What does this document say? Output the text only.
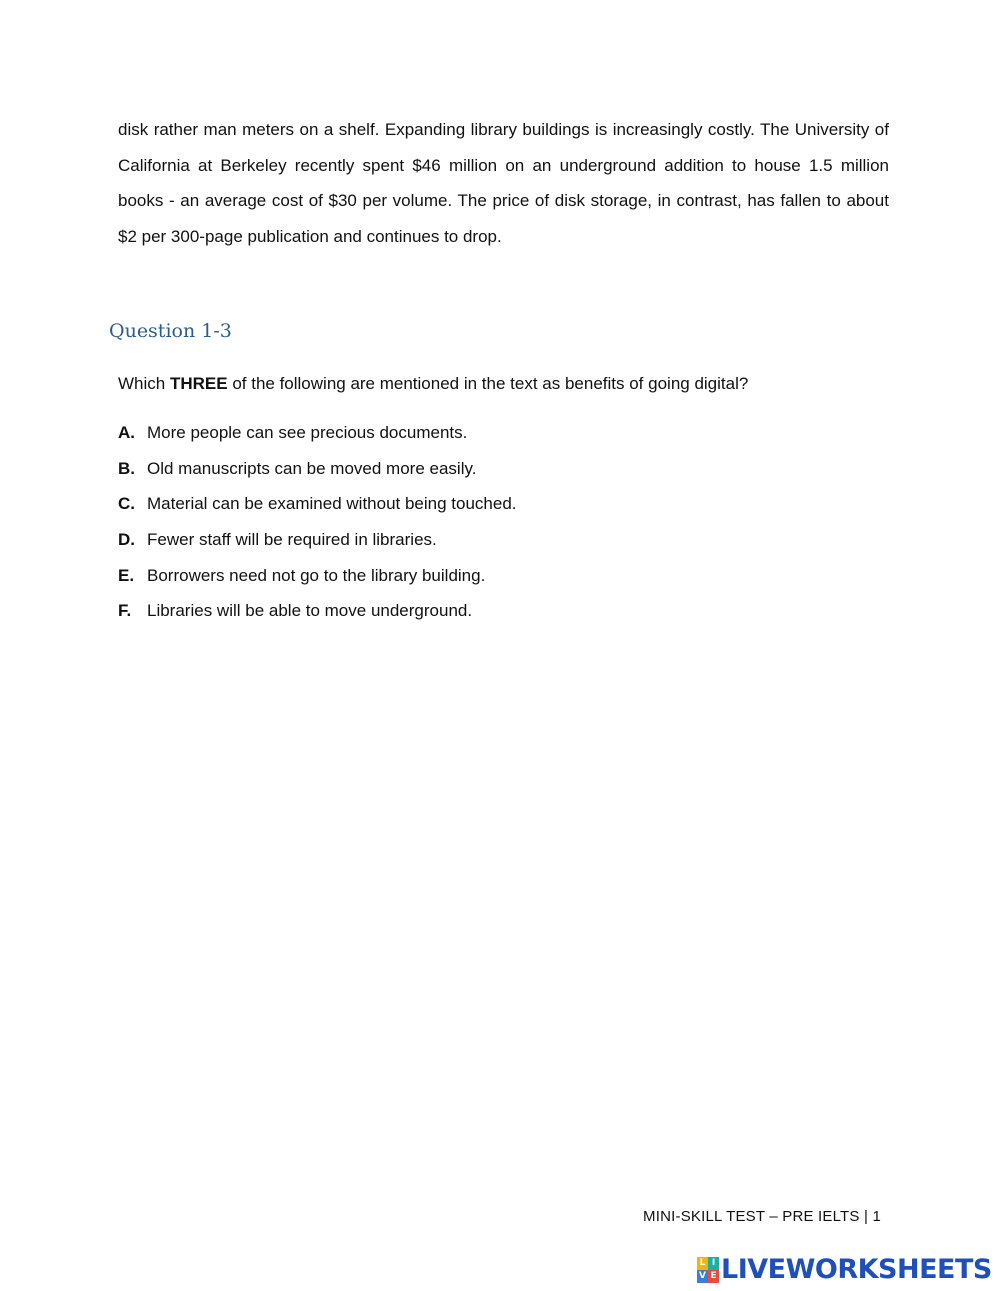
disk rather man meters on a shelf. Expanding library buildings is increasingly costly. The University of California at Berkeley recently spent $46 million on an underground addition to house 1.5 million books - an average cost of $30 per volume. The price of disk storage, in contrast, has fallen to about $2 per 300-page publication and continues to drop.

Question 1-3

Which THREE of the following are mentioned in the text as benefits of going digital?

A. More people can see precious documents.
B. Old manuscripts can be moved more easily.
C. Material can be examined without being touched.
D. Fewer staff will be required in libraries.
E. Borrowers need not go to the library building.
F. Libraries will be able to move underground.
MINI-SKILL TEST – PRE IELTS | 1
L I
V E LIVEWORKSHEETS
